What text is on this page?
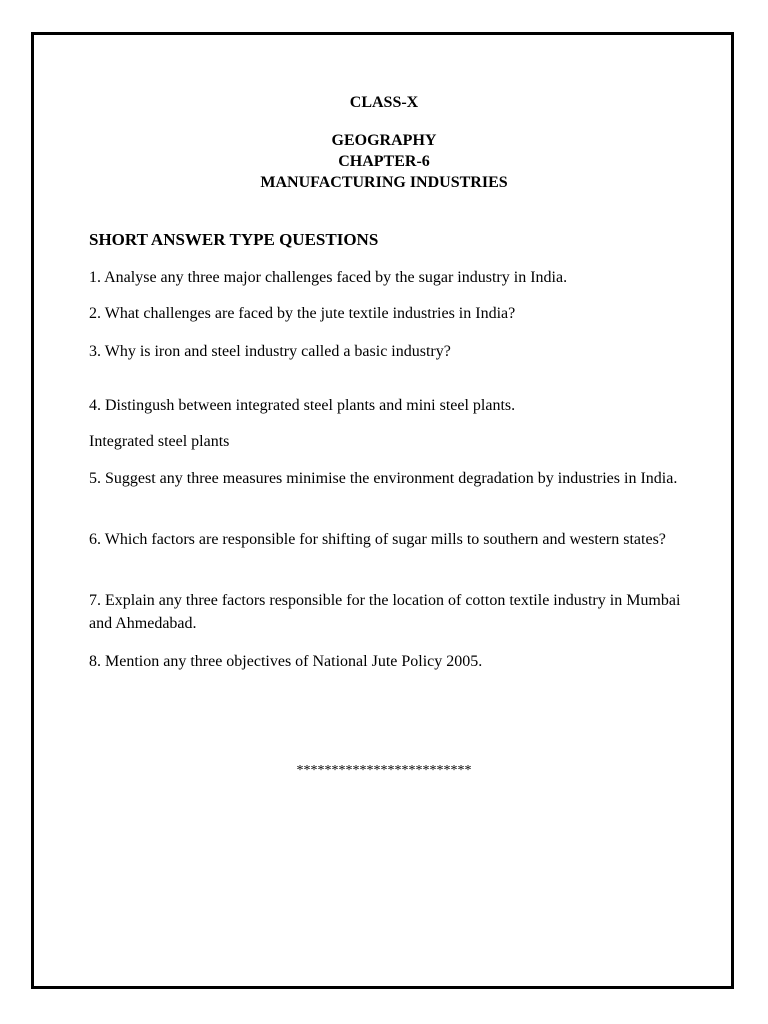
CLASS-X
GEOGRAPHY
CHAPTER-6
MANUFACTURING INDUSTRIES
SHORT ANSWER TYPE QUESTIONS
1. Analyse any three major challenges faced by the sugar industry in India.
2. What challenges are faced by the jute textile industries in India?
3. Why is iron and steel industry called a basic industry?
4. Distingush between integrated steel plants and mini steel plants.
Integrated steel plants
5. Suggest any three measures minimise the environment degradation by industries in India.
6. Which factors are responsible for shifting of sugar mills to southern and western states?
7. Explain any three factors responsible for the location of cotton textile industry in Mumbai and Ahmedabad.
8. Mention any three objectives of National Jute Policy 2005.
*************************
